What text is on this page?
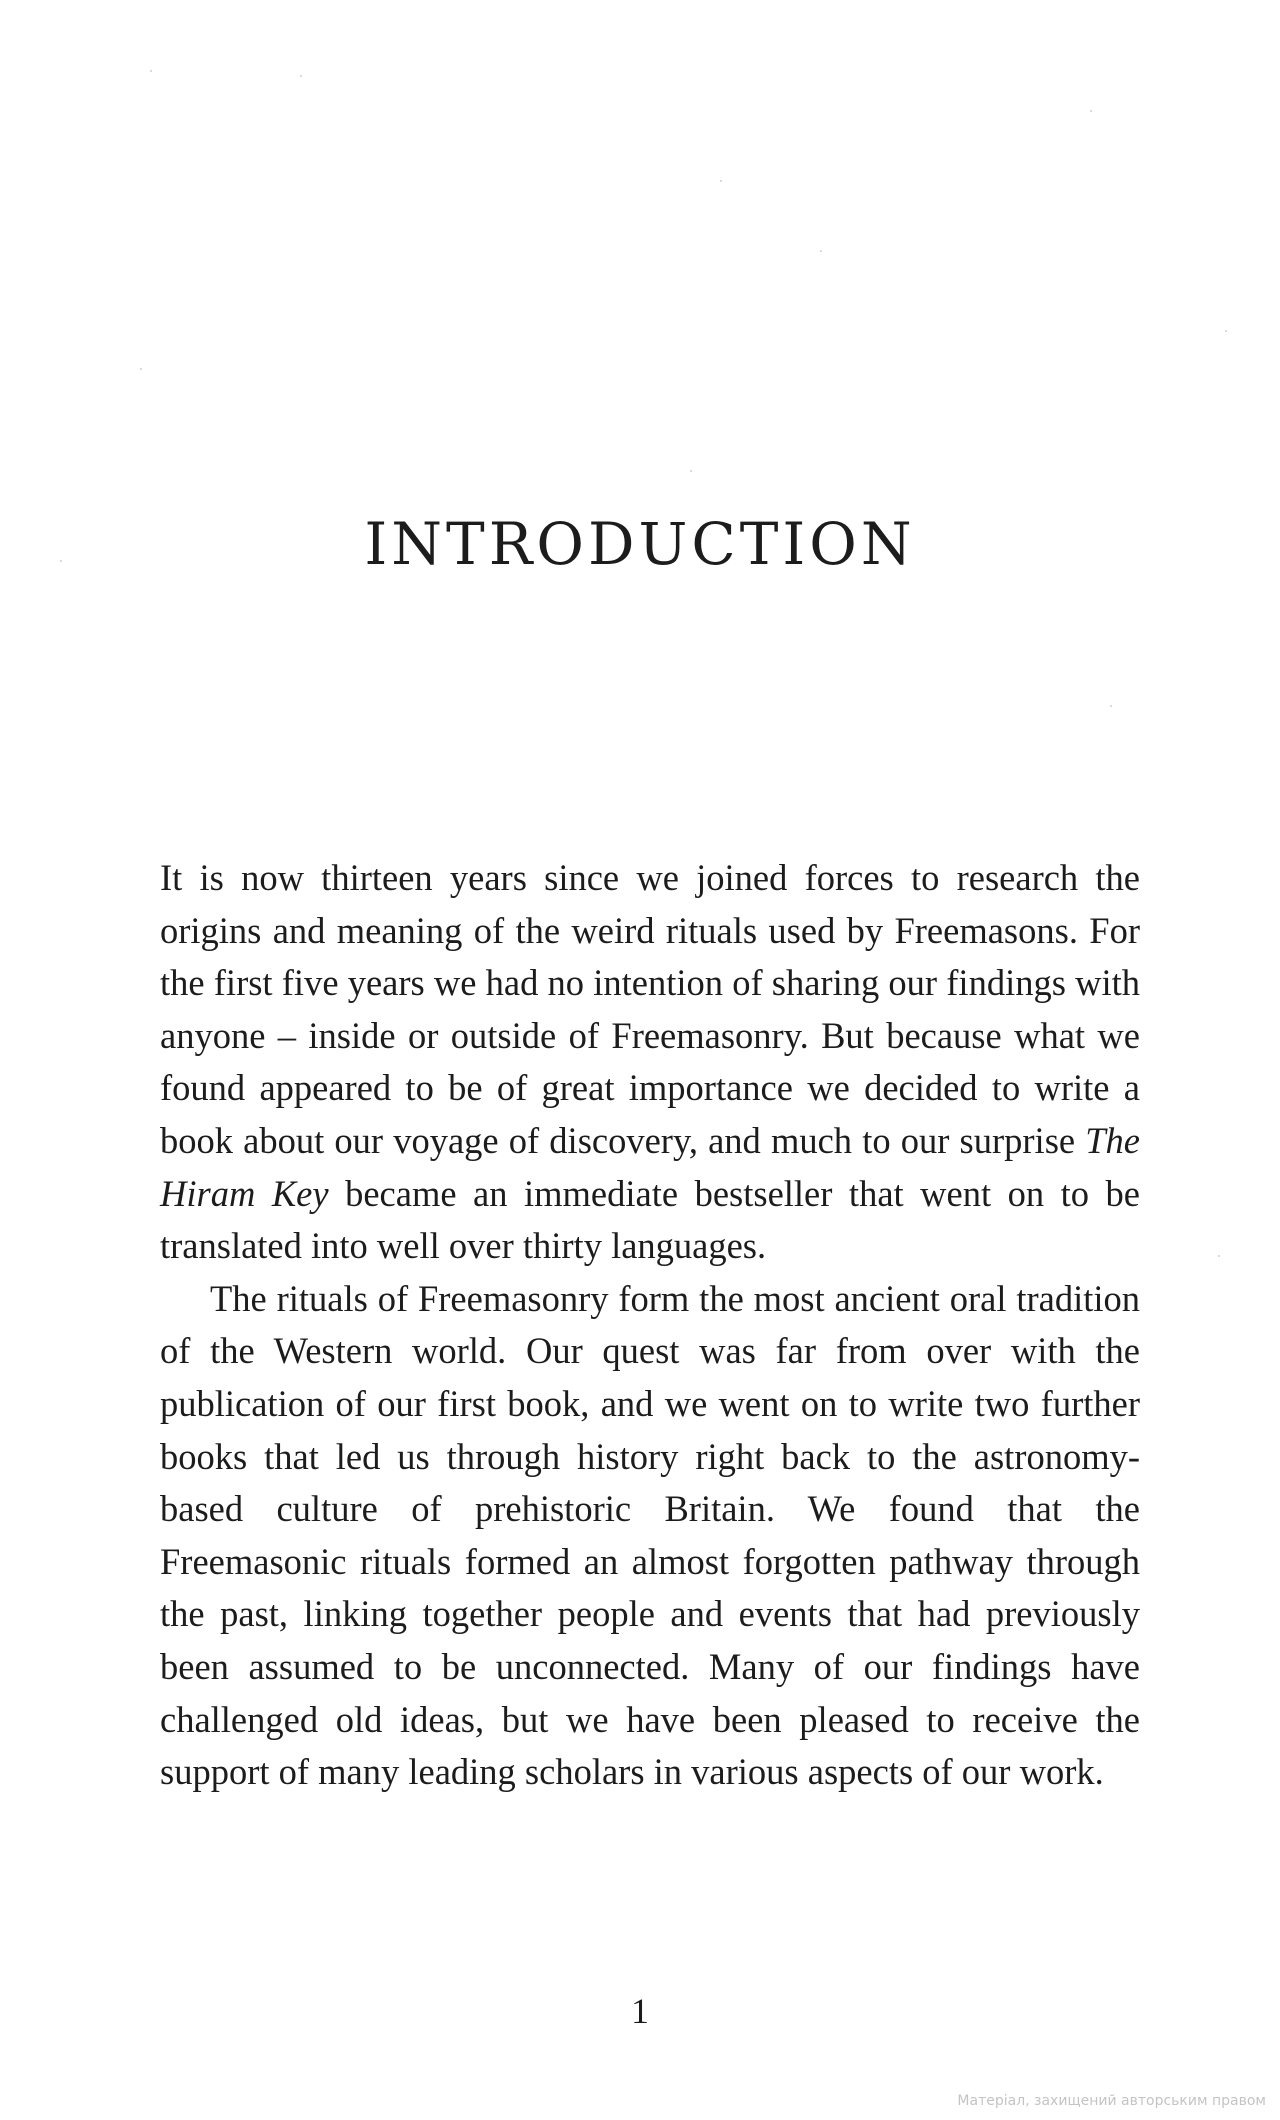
INTRODUCTION

It is now thirteen years since we joined forces to research the origins and meaning of the weird rituals used by Freemasons. For the first five years we had no intention of sharing our findings with anyone – inside or outside of Freemasonry. But because what we found appeared to be of great importance we decided to write a book about our voyage of discovery, and much to our surprise The Hiram Key became an immediate bestseller that went on to be translated into well over thirty languages.

The rituals of Freemasonry form the most ancient oral tradition of the Western world. Our quest was far from over with the publication of our first book, and we went on to write two further books that led us through history right back to the astronomy-based culture of prehistoric Britain. We found that the Freemasonic rituals formed an almost forgotten pathway through the past, linking together people and events that had previously been assumed to be unconnected. Many of our findings have challenged old ideas, but we have been pleased to receive the support of many leading scholars in various aspects of our work.

1
Матеріал, захищений авторським правом
